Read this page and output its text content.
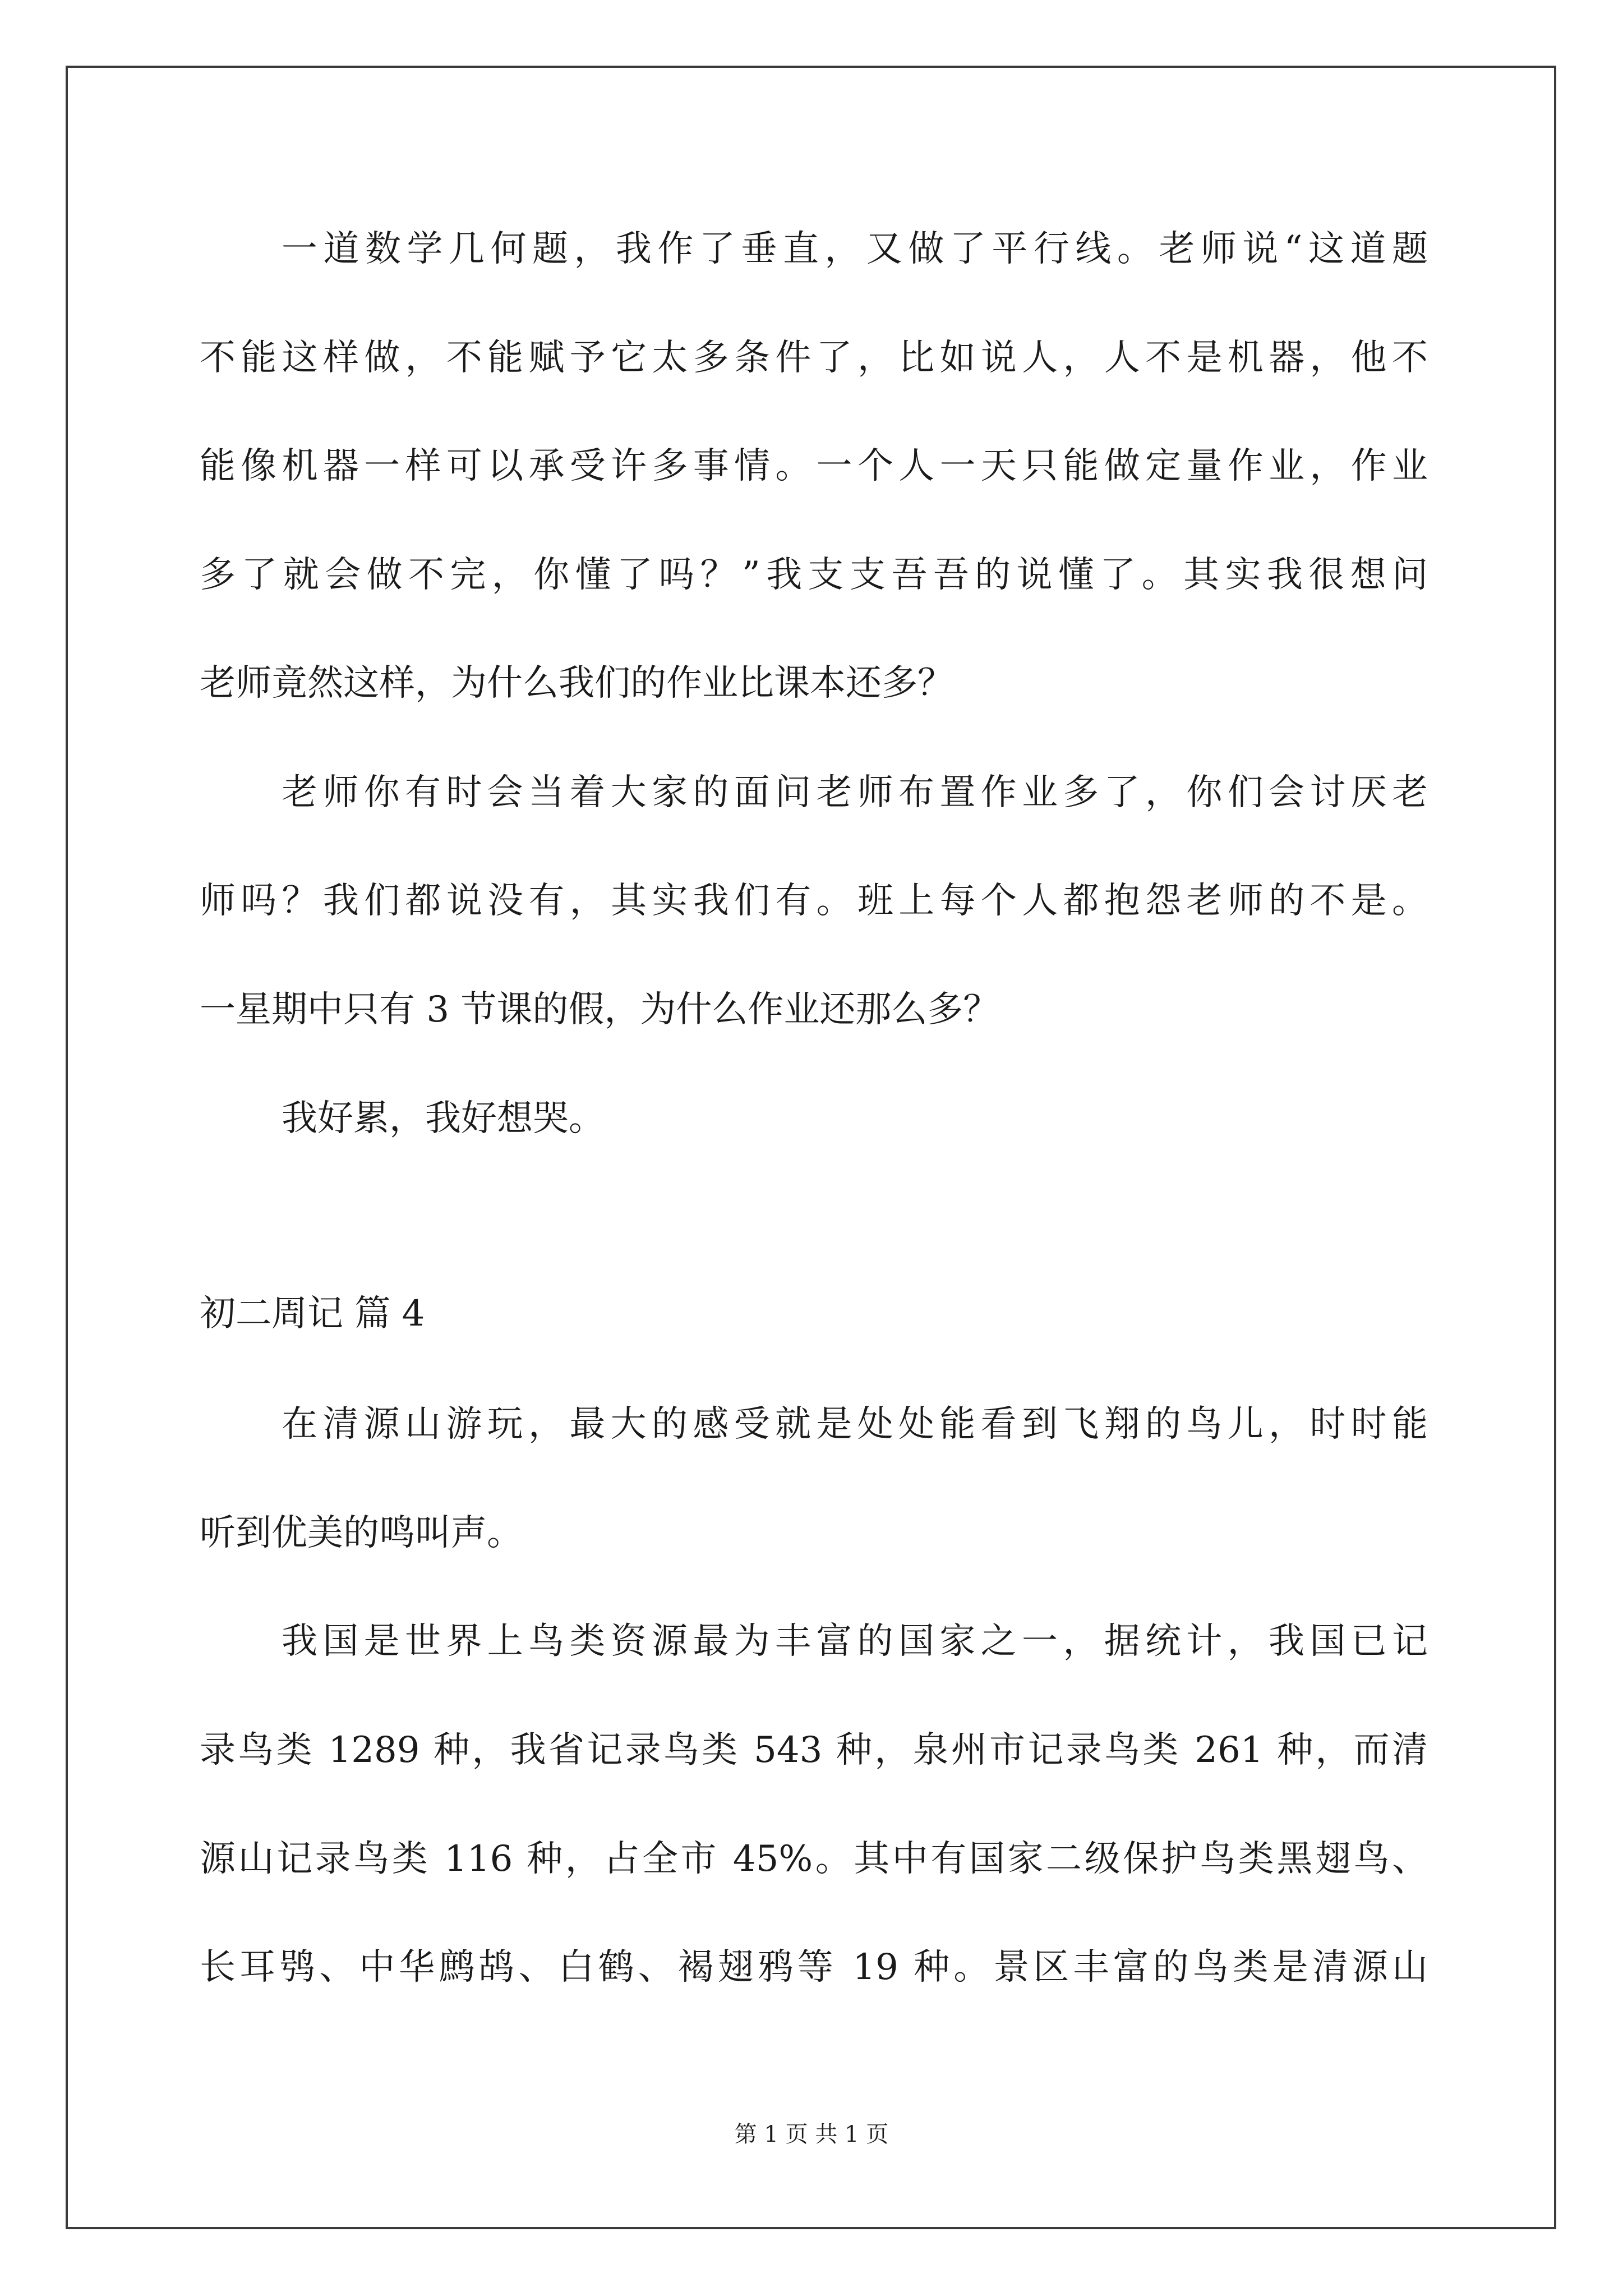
一道数学几何题，我作了垂直，又做了平行线。老师说“这道题
不能这样做，不能赋予它太多条件了，比如说人，人不是机器，他不
能像机器一样可以承受许多事情。一个人一天只能做定量作业，作业
多了就会做不完，你懂了吗？”我支支吾吾的说懂了。其实我很想问
老师竟然这样，为什么我们的作业比课本还多？
老师你有时会当着大家的面问老师布置作业多了，你们会讨厌老
师吗？我们都说没有，其实我们有。班上每个人都抱怨老师的不是。
一星期中只有 3 节课的假，为什么作业还那么多？
我好累，我好想哭。
初二周记 篇 4
在清源山游玩，最大的感受就是处处能看到飞翔的鸟儿，时时能
听到优美的鸣叫声。
我国是世界上鸟类资源最为丰富的国家之一，据统计，我国已记
录鸟类 1289 种，我省记录鸟类 543 种，泉州市记录鸟类 261 种，而清
源山记录鸟类 116 种，占全市 45%。其中有国家二级保护鸟类黑翅鸟、
长耳鸮、中华鹧鸪、白鹤、褐翅鸦等 19 种。景区丰富的鸟类是清源山
第 1 页 共 1 页
